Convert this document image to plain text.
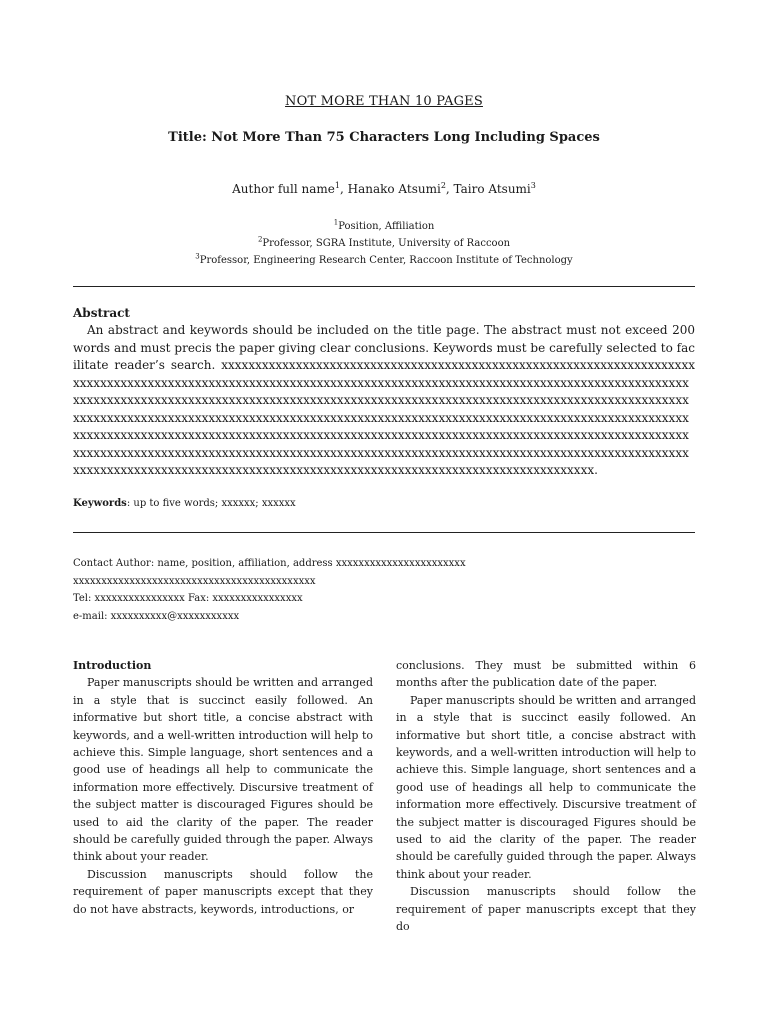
NOT MORE THAN 10 PAGES
Title: Not More Than 75 Characters Long Including Spaces
Author full name$^1$, Hanako Atsumi$^2$, Tairo Atsumi$^3$
$^1$Position, Affiliation
$^2$Professor, SGRA Institute, University of Raccoon
$^3$Professor, Engineering Research Center, Raccoon Institute of Technology
Abstract
An abstract and keywords should be included on the title page. The abstract must not exceed 200 words and must precis the paper giving clear conclusions. Keywords must be carefully selected to facilitate reader’s search. xxxxxxxxxxxxxxxxxxxxxxxxxxxxxxxxxxxxxxxxxxxxxxxxxxxxxxxxxxxxxxxxxxxxxxxxxxxxxxxxxxxxxxxxxxxxxxxxxxxxxxxxxxxxxxxxxxxxxxxxxxxxxxxxxxxxxxxxxxxxxxxxxxxxxxxxxxxxxxxxxxxxxxxxxxxxxxxxxxxxxxxxxxxxxxxxxxxxxxxxxxxxxxxxxxxxxxxxxxxxxxxxxxxxxxxxxxxxxxxxxxxxxxxxxxxxxxxxxxxxxxxxxxxxxxxxxxxxxxxxxxxxxxxxxxxxxxxxxxxxxxxxxxxxxxxxxxxxxxxxxxxxxxxxxxxxxxxxxxxxxxxxxxxxxxxxxxxxxxxxxxxxxxxxxxxxxxxxxxxxxxxxxxxxxxxxxxxxxxxxxxxxxxxxxxxxxxxxxxxxxxxxxxxxxxxxxxxxxxxxxxxxxxxxxxxxxxxxxxxxxxxxxxxxxxxxxxxxxxxxxxxxxxxxxxxxxxxxxxxxxxxxxxxxxxxxxxxxxxxxxxxxxxxxxxxxxxxxxxxxxxxxxxxxxxxxxxxxxxxxxxxxxxxxxxxxxxxxxxxxxxxxxxxxxxxxxxxxxxxxxx.
Keywords: up to five words; xxxxxx; xxxxxx
Contact Author: name, position, affiliation, address xxxxxxxxxxxxxxxxxxxxxxx
xxxxxxxxxxxxxxxxxxxxxxxxxxxxxxxxxxxxxxxxxxx
Tel: xxxxxxxxxxxxxxxx Fax: xxxxxxxxxxxxxxxx
e-mail: xxxxxxxxxx@xxxxxxxxxxx
Introduction

Paper manuscripts should be written and arranged in a style that is succinct easily followed. An informative but short title, a concise abstract with keywords, and a well-written introduction will help to achieve this. Simple language, short sentences and a good use of headings all help to communicate the information more effectively. Discursive treatment of the subject matter is discouraged Figures should be used to aid the clarity of the paper. The reader should be carefully guided through the paper. Always think about your reader.

Discussion manuscripts should follow the requirement of paper manuscripts except that they do not have abstracts, keywords, introductions, or

conclusions. They must be submitted within 6 months after the publication date of the paper.

Paper manuscripts should be written and arranged in a style that is succinct easily followed. An informative but short title, a concise abstract with keywords, and a well-written introduction will help to achieve this. Simple language, short sentences and a good use of headings all help to communicate the information more effectively. Discursive treatment of the subject matter is discouraged Figures should be used to aid the clarity of the paper. The reader should be carefully guided through the paper. Always think about your reader.

Discussion manuscripts should follow the requirement of paper manuscripts except that they do
